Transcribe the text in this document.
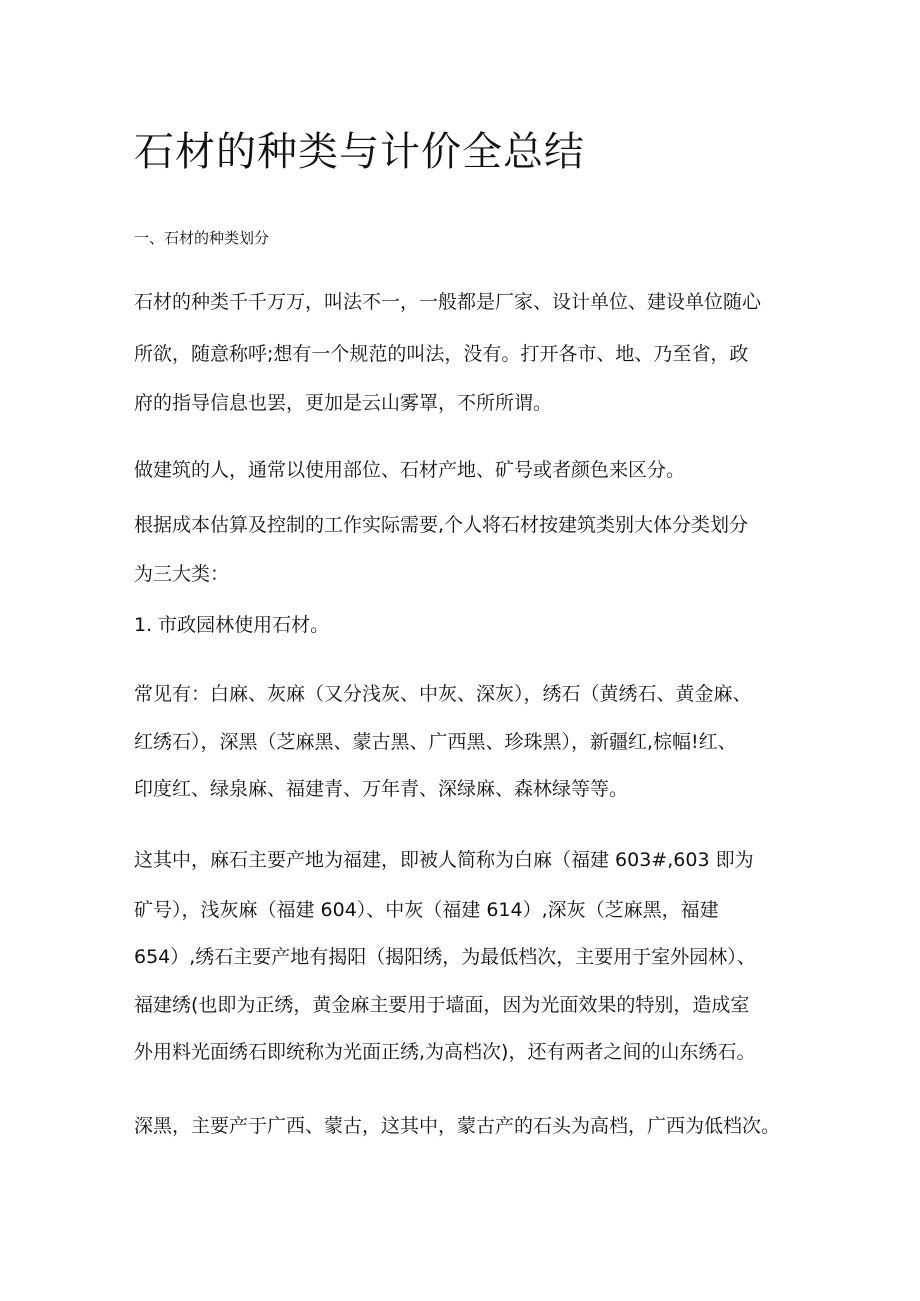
石材的种类与计价全总结
一、石材的种类划分

石材的种类千千万万，叫法不一，一般都是厂家、设计单位、建设单位随心

所欲，随意称呼;想有一个规范的叫法，没有。打开各市、地、乃至省，政

府的指导信息也罢，更加是云山雾罩，不所所谓。

做建筑的人，通常以使用部位、石材产地、矿号或者颜色来区分。

根据成本估算及控制的工作实际需要,个人将石材按建筑类别大体分类划分

为三大类：

1. 市政园林使用石材。

常见有：白麻、灰麻（又分浅灰、中灰、深灰），绣石（黄绣石、黄金麻、

红绣石），深黑（芝麻黑、蒙古黑、广西黑、珍珠黑），新疆红,棕幅!红、

印度红、绿泉麻、福建青、万年青、深绿麻、森林绿等等。

这其中，麻石主要产地为福建，即被人简称为白麻（福建 603#,603 即为

矿号），浅灰麻（福建 604）、中灰（福建 614）,深灰（芝麻黑，福建

654）,绣石主要产地有揭阳（揭阳绣，为最低档次，主要用于室外园林）、

福建绣(也即为正绣，黄金麻主要用于墙面，因为光面效果的特别，造成室

外用料光面绣石即统称为光面正绣,为高档次)，还有两者之间的山东绣石。

深黑，主要产于广西、蒙古，这其中，蒙古产的石头为高档，广西为低档次。
